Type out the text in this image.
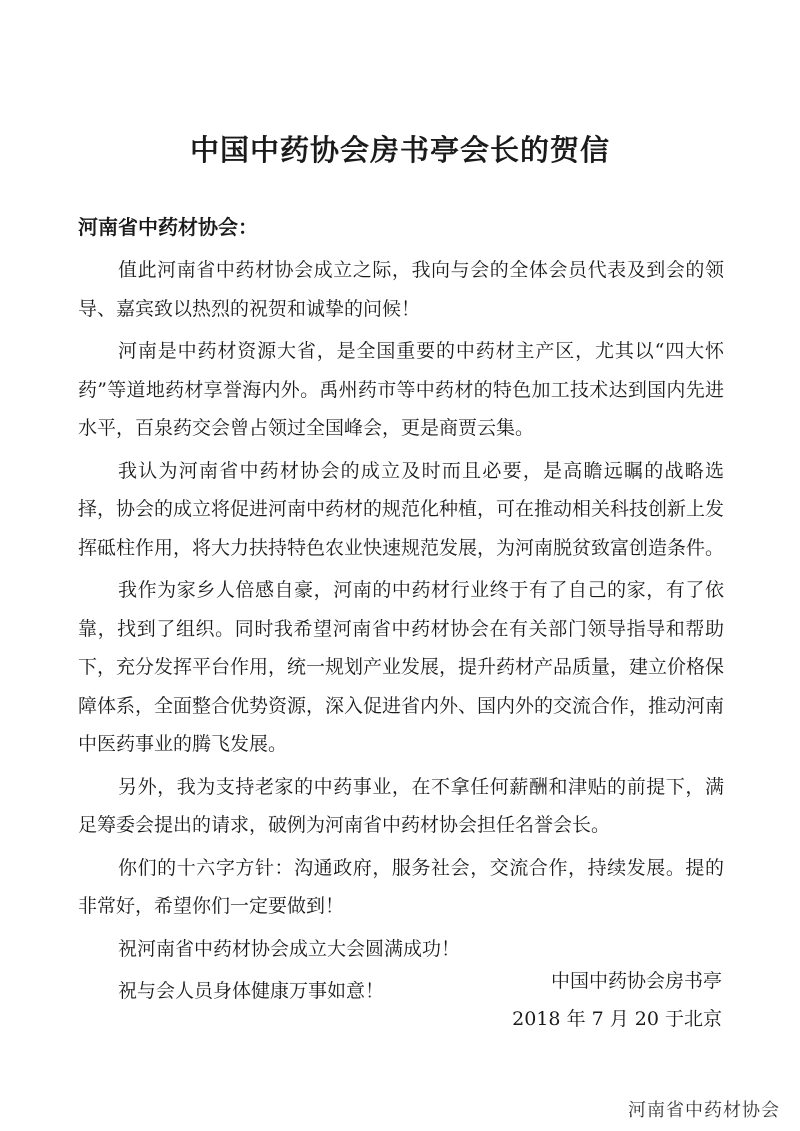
中国中药协会房书亭会长的贺信

河南省中药材协会：

值此河南省中药材协会成立之际，我向与会的全体会员代表及到会的领导、嘉宾致以热烈的祝贺和诚挚的问候！

河南是中药材资源大省，是全国重要的中药材主产区，尤其以“四大怀药”等道地药材享誉海内外。禹州药市等中药材的特色加工技术达到国内先进水平，百泉药交会曾占领过全国峰会，更是商贾云集。

我认为河南省中药材协会的成立及时而且必要，是高瞻远瞩的战略选择，协会的成立将促进河南中药材的规范化种植，可在推动相关科技创新上发挥砥柱作用，将大力扶持特色农业快速规范发展，为河南脱贫致富创造条件。

我作为家乡人倍感自豪，河南的中药材行业终于有了自己的家，有了依靠，找到了组织。同时我希望河南省中药材协会在有关部门领导指导和帮助下，充分发挥平台作用，统一规划产业发展，提升药材产品质量，建立价格保障体系，全面整合优势资源，深入促进省内外、国内外的交流合作，推动河南中医药事业的腾飞发展。

另外，我为支持老家的中药事业，在不拿任何薪酬和津贴的前提下，满足筹委会提出的请求，破例为河南省中药材协会担任名誉会长。

你们的十六字方针：沟通政府，服务社会，交流合作，持续发展。提的非常好，希望你们一定要做到！

祝河南省中药材协会成立大会圆满成功！

祝与会人员身体健康万事如意！	中国中药协会房书亭
2018 年 7 月 20 于北京
河南省中药材协会
